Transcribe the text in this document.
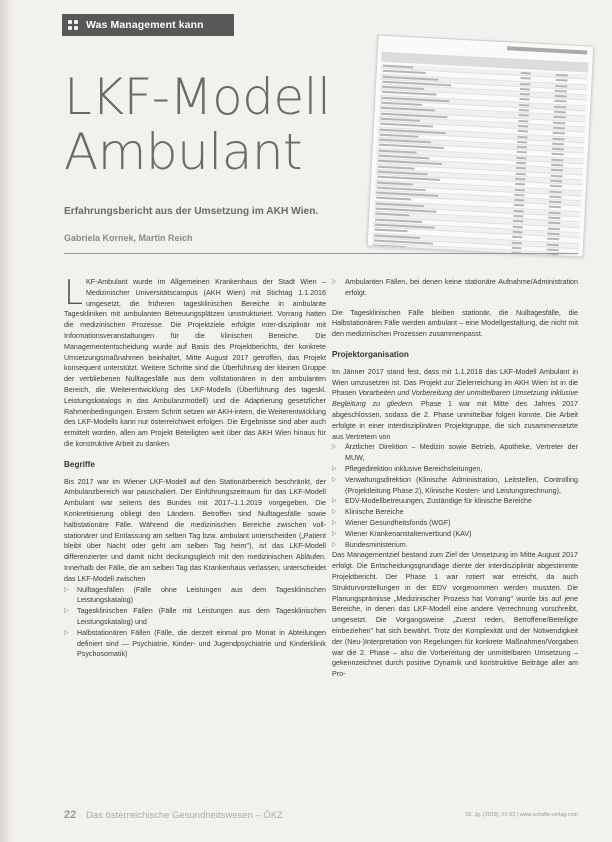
Was Management kann
LKF-Modell
Ambulant
Erfahrungsbericht aus der Umsetzung im AKH Wien.
Gabriela Kornek, Martin Reich

LKF-Ambulant wurde im Allgemeinen Krankenhaus der Stadt Wien – Medizinischer Universitätscampus (AKH Wien) mit Stichtag 1.1.2016 umgesetzt, die früheren tagesklinischen Bereiche in ambulante Tageskliniken mit ambulanten Betreuungsplätzen umstrukturiert. Vorrang hatten die medizinischen Prozesse. Die Projektziele erfolgte inter-disziplinär mit Informationsveranstaltungen für die klinischen Bereiche. Die Managemententscheidung wurde auf Basis des Projektberichts, der konkrete Umsetzungsmaßnahmen beinhaltet, Mitte August 2017 getroffen, das Projekt konsequent unterstützt. Weitere Schritte sind die Überführung der kleinen Gruppe der verbliebenen Nulltagesfälle aus dem vollstationären in den ambulanten Bereich, die Weiterentwicklung des LKF-Modells (Überführung des tageskl. Leistungskatalogs in das Ambulanzmodell) und die Adaptierung gesetzlicher Rahmenbedingungen. Erstem Schritt setzen wir AKH-intern, die Weiterentwicklung des LKF-Modells kann nur österreichweit erfolgen. Die Ergebnisse sind aber auch ermittelt worden, allen am Projekt Beteiligten weit über das AKH Wien hinaus für die konstruktive Arbeit zu danken.

Begriffe

Bis 2017 war im Wiener LKF-Modell auf den Stationärbereich beschränkt, der Ambulanzbereich war pauschaliert. Der Einführungszeitraum für das LKF-Modell Ambulant war seitens des Bundes mit 2017–1.1.2019 vorgegeben. Die Konkretisierung obliegt den Ländern. Betroffen sind Nulltagesfälle sowie halbstationäre Fälle. Während die medizinischen Bereiche zwischen voll-stationärer und Entlassung am selben Tag bzw. ambulant unterscheiden („Patient bleibt über Nacht oder geht am selben Tag heim"), ist das LKF-Modell differenzierter und damit nicht deckungsgleich mit den medizinischen Abläufen. Innerhalb der Fälle, die am selben Tag das Krankenhaus verlassen, unterscheidet das LKF-Modell zwischen

▷ Nulltagesfällen (Fälle ohne Leistungen aus dem Tagesklinischen Leistungskatalog)
▷ Tagesklinischen Fällen (Fälle mit Leistungen aus dem Tagesklinischen Leistungskatalog) und
▷ Halbstationären Fällen (Fälle, die derzeit einmal pro Monat in Abteilungen definiert sind — Psychiatrie, Kinder- und Jugendpsychiatrie und Kinderklinik Psychosomatik)
▷ Ambulanten Fällen, bei denen keine stationäre Aufnahme/Administration erfolgt.

Die Tagesklinischen Fälle bleiben stationär, die Nulltagesfälle, die Halbstationären Fälle werden ambulant – eine Modellgestaltung, die nicht mit den medizinischen Prozessen zusammenpasst.

Projektorganisation

Im Jänner 2017 stand fest, dass mit 1.1.2018 das LKF-Modell Ambulant in Wien umzusetzen ist. Das Projekt zur Zielerreichung im AKH Wien ist in die Phasen Vorarbeiten und Vorbereitung der unmittelbaren Umsetzung inklusive Begleitung zu gliedern. Phase 1 war mit Mitte des Jahres 2017 abgeschlossen, sodass die 2. Phase unmittelbar folgen konnte. Die Arbeit erfolgte in einer interdisziplinären Projektgruppe, die sich zusammensetzte aus Vertretern von

▷ Ärztlicher Direktion – Medizin sowie Betrieb, Apotheke, Vertreter der MUW,
▷ Pflegedirektion inklusive Bereichsleitungen,
▷ Verwaltungsdirektion (Klinische Administration, Leitstellen, Controlling (Projektleitung Phase 2), Klinische Kosten- und Leistungsrechnung),
▷ EDV-Modellbetreuungen, Zuständige für klinische Bereiche
▷ Klinische Bereiche
▷ Wiener Gesundheitsfonds (WGF)
▷ Wiener Krankenanstaltenverbund (KAV)
▷ Bundesministerium.

Das Managementziel bestand zum Ziel der Umsetzung im Mitte August 2017 erfolgt. Die Entscheidungsgrundlage diente der interdisziplinär abgestimmte Projektbericht. Der Phase 1 war rotiert war erreicht, da auch Strukturvorstellungen in der EDV vorgenommen werden mussten. Die Planungsprämisse „Medizinischer Prozess hat Vorrang" wurde bis auf jene Bereiche, in denen das LKF-Modell eine andere Verrechnung vorschreibt, umgesetzt. Die Vorgangsweise „Zuerst reden, Betroffene/Beteiligte einbeziehen" hat sich bewährt. Trotz der Komplexität und der Notwendigkeit der (Neu-)Interpretation von Regelungen für konkrete Maßnahmen/Vorgaben war die 2. Phase – also die Vorbereitung der unmittelbaren Umsetzung – gekennzeichnet durch positive Dynamik und konstruktive Beiträge aller am Pro-

22 Das österreichische Gesundheitswesen – ÖKZ	59. Jg. (2018), 01-02 | www.schaffe-verlag.com
